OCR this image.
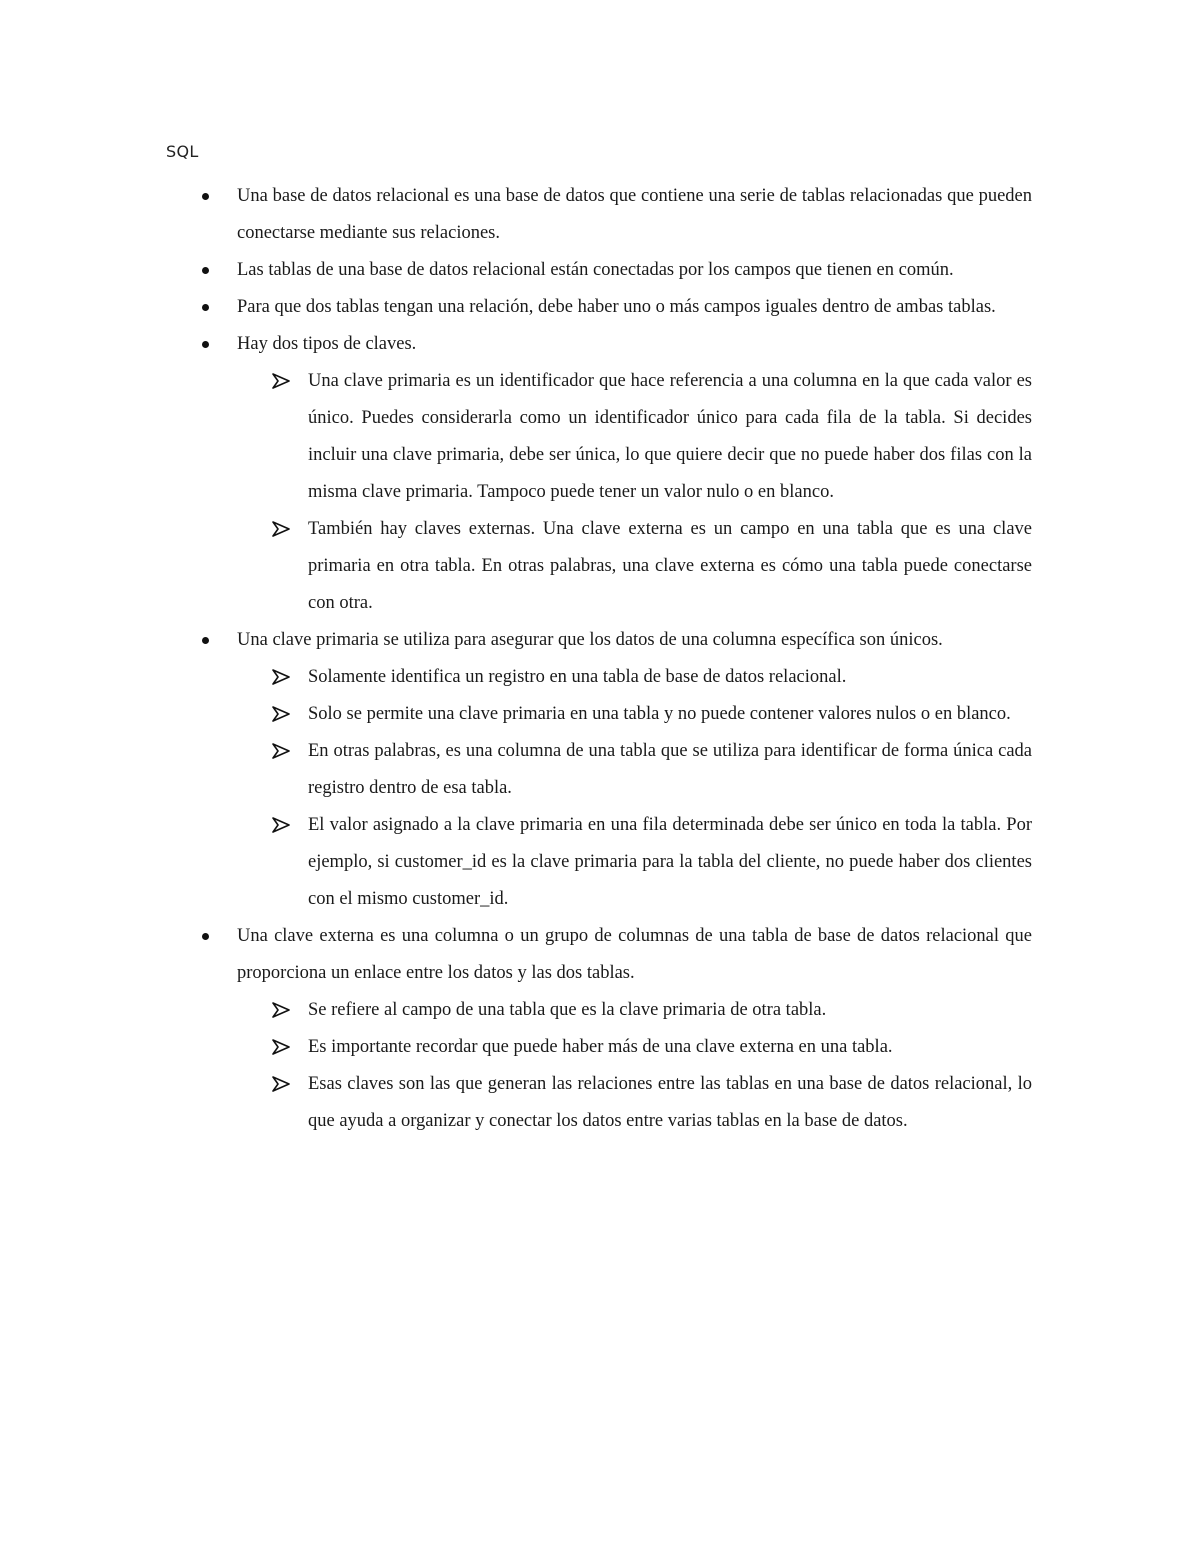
SQL
Una base de datos relacional es una base de datos que contiene una serie de tablas relacionadas que pueden conectarse mediante sus relaciones.
Las tablas de una base de datos relacional están conectadas por los campos que tienen en común.
Para que dos tablas tengan una relación, debe haber uno o más campos iguales dentro de ambas tablas.
Hay dos tipos de claves.
Una clave primaria es un identificador que hace referencia a una columna en la que cada valor es único. Puedes considerarla como un identificador único para cada fila de la tabla. Si decides incluir una clave primaria, debe ser única, lo que quiere decir que no puede haber dos filas con la misma clave primaria. Tampoco puede tener un valor nulo o en blanco.
También hay claves externas. Una clave externa es un campo en una tabla que es una clave primaria en otra tabla. En otras palabras, una clave externa es cómo una tabla puede conectarse con otra.
Una clave primaria se utiliza para asegurar que los datos de una columna específica son únicos.
Solamente identifica un registro en una tabla de base de datos relacional.
Solo se permite una clave primaria en una tabla y no puede contener valores nulos o en blanco.
En otras palabras, es una columna de una tabla que se utiliza para identificar de forma única cada registro dentro de esa tabla.
El valor asignado a la clave primaria en una fila determinada debe ser único en toda la tabla. Por ejemplo, si customer_id es la clave primaria para la tabla del cliente, no puede haber dos clientes con el mismo customer_id.
Una clave externa es una columna o un grupo de columnas de una tabla de base de datos relacional que proporciona un enlace entre los datos y las dos tablas.
Se refiere al campo de una tabla que es la clave primaria de otra tabla.
Es importante recordar que puede haber más de una clave externa en una tabla.
Esas claves son las que generan las relaciones entre las tablas en una base de datos relacional, lo que ayuda a organizar y conectar los datos entre varias tablas en la base de datos.
